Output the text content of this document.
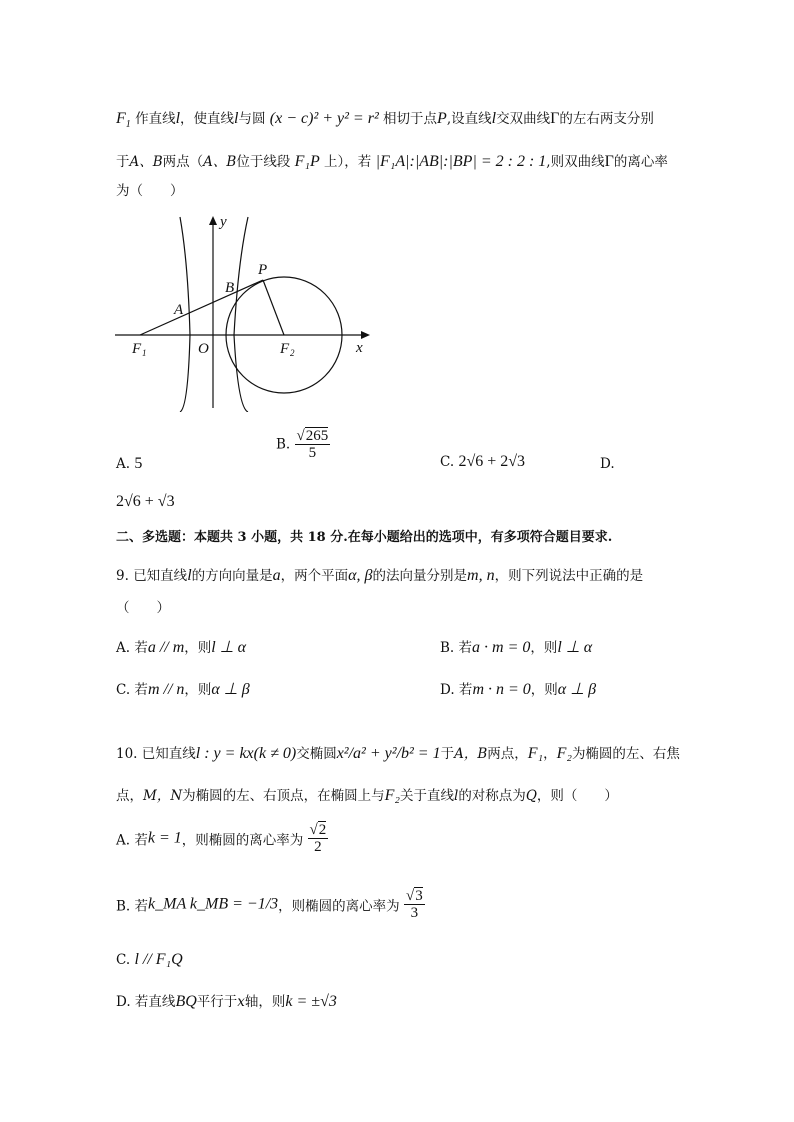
$F_1$ 作直线l，使直线l与圆 (x − c)² + y² = r² 相切于点P,设直线l交双曲线Γ的左右两支分别
于A、B两点（A、B位于线段 F₁P 上），若 |F₁A|:|AB|:|BP| = 2 : 2 : 1,则双曲线Γ的离心率
为（　　）
y
x
P
B
A
F 1	O	F 2
A. 5
B. $\frac{√265}{5}$
C. 2√6 + 2√3	D.
2√6 + √3
二、多选题：本题共 3 小题，共 18 分.在每小题给出的选项中，有多项符合题目要求.
9. 已知直线l的方向向量是a，两个平面α, β的法向量分别是m, n，则下列说法中正确的是
（　　）
A. 若a // m，则l ⊥ α	B. 若a · m = 0，则l ⊥ α
C. 若m // n，则α ⊥ β	D. 若m · n = 0，则α ⊥ β
10. 已知直线l : y = kx(k ≠ 0)交椭圆x²/a² + y²/b² = 1于A，B两点，F₁，F₂为椭圆的左、右焦
点，M，N为椭圆的左、右顶点，在椭圆上与F₂关于直线l的对称点为Q，则（　　）
A. 若k = 1，则椭圆的离心率为 $\frac{√2}{2}$
B. 若k_MA k_MB = −1/3，则椭圆的离心率为 $\frac{√3}{3}$
C. l // F₁Q
D. 若直线BQ平行于x轴，则k = ±√3
